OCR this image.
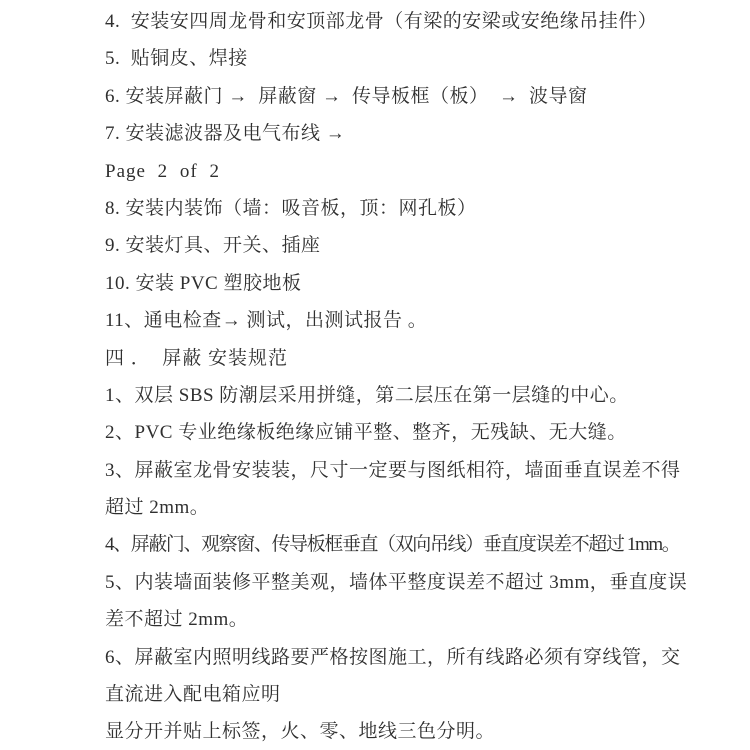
4.  安装安四周龙骨和安顶部龙骨（有梁的安梁或安绝缘吊挂件）
5.  贴铜皮、焊接
6. 安装屏蔽门 →  屏蔽窗 →  传导板框（板）  →  波导窗
7. 安装滤波器及电气布线 →
Page 2 of 2
8. 安装内装饰（墙：吸音板，顶：网孔板）
9. 安装灯具、开关、插座
10. 安装 PVC 塑胶地板
11、通电检查→ 测试，出测试报告 。
四 ．  屏蔽 安装规范
1、双层 SBS 防潮层采用拼缝，第二层压在第一层缝的中心。
2、PVC 专业绝缘板绝缘应铺平整、整齐，无残缺、无大缝。
3、屏蔽室龙骨安装装，尺寸一定要与图纸相符，墙面垂直误差不得
超过 2mm。
4、屏蔽门、观察窗、传导板框垂直（双向吊线）垂直度误差不超过 1mm。
5、内装墙面装修平整美观，墙体平整度误差不超过 3mm，垂直度误
差不超过 2mm。
6、屏蔽室内照明线路要严格按图施工，所有线路必须有穿线管，交
直流进入配电箱应明
显分开并贴上标签，火、零、地线三色分明。
